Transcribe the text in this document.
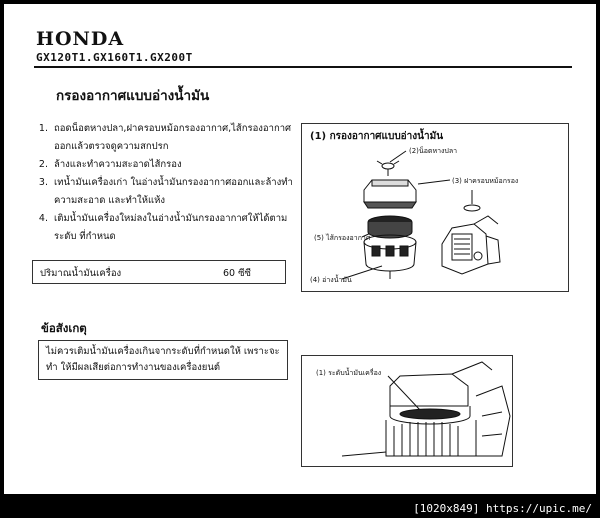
HONDA
GX120T1.GX160T1.GX200T
กรองอากาศแบบอ่างน้ำมัน
1. ถอดน็อตหางปลา,ฝาครอบหม้อกรองอากาศ,ไส้กรองอากาศ ออกแล้วตรวจดูความสกปรก
2. ล้างและทำความสะอาดไส้กรอง
3. เทน้ำมันเครื่องเก่า ในอ่างน้ำมันกรองอากาศออกและล้างทำ ความสะอาด และทำให้แห้ง
4. เติมน้ำมันเครื่องใหม่ลงในอ่างน้ำมันกรองอากาศให้ได้ตามระดับ ที่กำหนด
ปริมาณน้ำมันเครื่อง	60 ซีซี
(1) กรองอากาศแบบอ่างน้ำมัน
(2)น็อตหางปลา
(3) ฝาครอบหม้อกรอง
(5) ไส้กรองอากาศ
(4) อ่างน้ำมัน
ข้อสังเกตุ
ไม่ควรเติมน้ำมันเครื่องเกินจากระดับที่กำหนดให้ เพราะจะทำ ให้มีผลเสียต่อการทำงานของเครื่องยนต์	(1) ระดับน้ำมันเครื่อง
[1020x849] https://upic.me/
